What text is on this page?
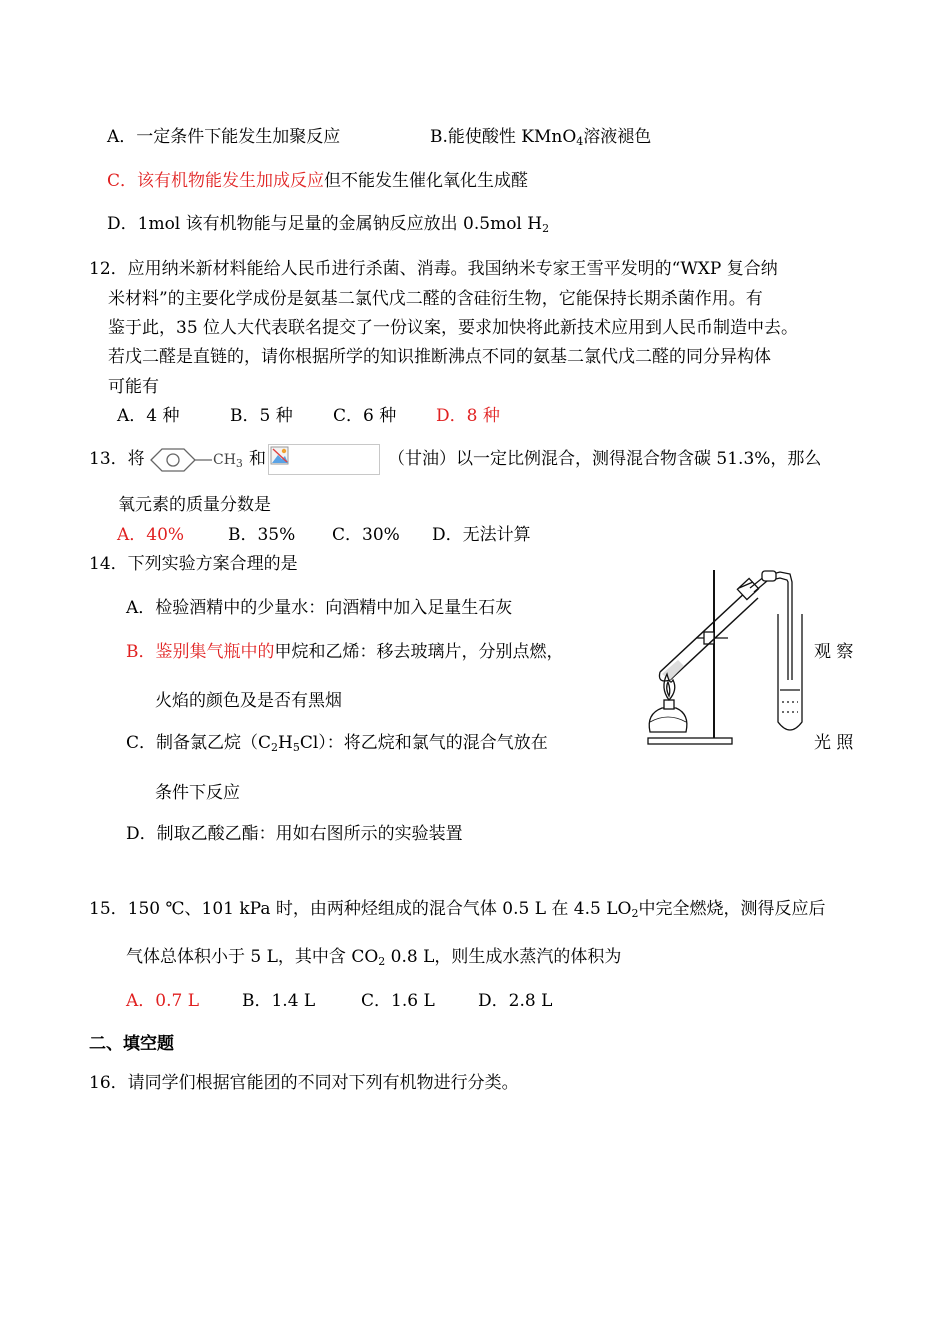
A．一定条件下能发生加聚反应	B.能使酸性 KMnO$_4$溶液褪色
C．该有机物能发生加成反应但不能发生催化氧化生成醛
D．1mol 该有机物能与足量的金属钠反应放出 0.5mol $H_2$
12．应用纳米新材料能给人民币进行杀菌、消毒。我国纳米专家王雪平发明的“WXP 复合纳
米材料”的主要化学成份是氨基二氯代戊二醛的含硅衍生物，它能保持长期杀菌作用。有
鉴于此，35 位人大代表联名提交了一份议案，要求加快将此新技术应用到人民币制造中去。
若戊二醛是直链的，请你根据所学的知识推断沸点不同的氨基二氯代戊二醛的同分异构体
可能有
A．4 种	B．5 种 C．6 种 D．8 种
13．将	$CH_3$ 和	（甘油）以一定比例混合，测得混合物含碳 51.3%，那么
氧元素的质量分数是
A．40%	B．35% C．30% D．无法计算
14．下列实验方案合理的是
A．检验酒精中的少量水：向酒精中加入足量生石灰
B．鉴别集气瓶中的甲烷和乙烯：移去玻璃片，分别点燃，	观 察
火焰的颜色及是否有黑烟
C．制备氯乙烷$(C_2H_5Cl)$：将乙烷和氯气的混合气放在	光 照
条件下反应
D．制取乙酸乙酯：用如右图所示的实验装置
15．150 ℃、101 kPa 时，由两种烃组成的混合气体 0.5 L 在 4.5 $LO_2$中完全燃烧，测得反应后
气体总体积小于 5 L，其中含 $CO_2$ 0.8 L，则生成水蒸汽的体积为
A．0.7 L	B．1.4 L	C．1.6 L	D．2.8 L
二、填空题
16．请同学们根据官能团的不同对下列有机物进行分类。
